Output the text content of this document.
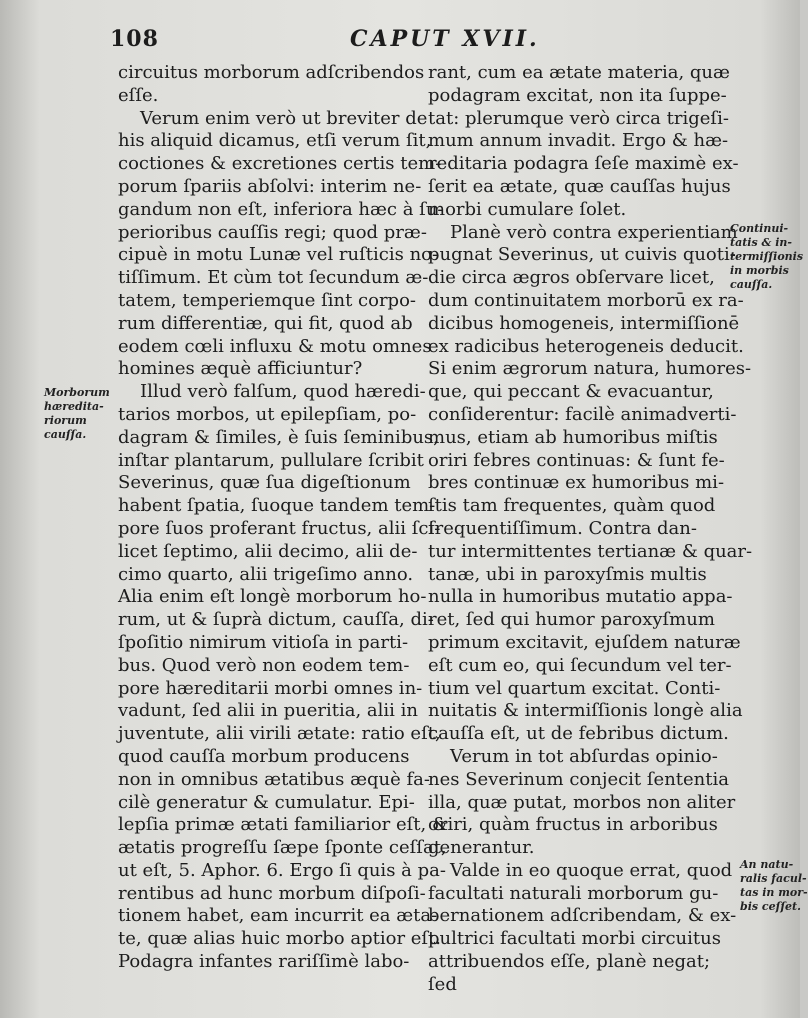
108	CAPUT XVII.
circuitus morborum adſcribendos
eſſe.
Verum enim verò ut breviter de
his aliquid dicamus, etſi verum ſit,
coctiones & excretiones certis tem-
porum ſpariis abſolvi: interim ne-
gandum non eſt, inferiora hæc à ſu-
perioribus cauſſis regi; quod præ-
cipuè in motu Lunæ vel ruſticis no-
tiſſimum. Et cùm tot ſecundum æ-
tatem, temperiemque ſint corpo-
rum differentiæ, qui fit, quod ab
eodem cœli influxu & motu omnes
homines æquè afficiuntur?
Illud verò falſum, quod hæredi-
tarios morbos, ut epilepſiam, po-
dagram & ſimiles, è ſuis ſeminibus,
inſtar plantarum, pullulare ſcribit
Severinus, quæ ſua digeſtionum
habent ſpatia, ſuoque tandem tem-
pore ſuos proferant fructus, alii ſci-
licet ſeptimo, alii decimo, alii de-
cimo quarto, alii trigeſimo anno.
Alia enim eſt longè morborum ho-
rum, ut & ſuprà dictum, cauſſa, di-
ſpoſitio nimirum vitioſa in parti-
bus. Quod verò non eodem tem-
pore hæreditarii morbi omnes in-
vadunt, ſed alii in pueritia, alii in
juventute, alii virili ætate: ratio eſt,
quod cauſſa morbum producens
non in omnibus ætatibus æquè fa-
cilè generatur & cumulatur. Epi-
lepſia primæ ætati familiarior eſt, &
ætatis progreſſu ſæpe ſponte ceſſat,
ut eſt, 5. Aphor. 6. Ergo ſi quis à pa-
rentibus ad hunc morbum diſpoſi-
tionem habet, eam incurrit ea æta-
te, quæ alias huic morbo aptior eſt.
Podagra infantes rariſſimè labo-
rant, cum ea ætate materia, quæ
podagram excitat, non ita ſuppe-
tat: plerumque verò circa trigeſi-
mum annum invadit. Ergo & hæ-
reditaria podagra ſeſe maximè ex-
ſerit ea ætate, quæ cauſſas hujus
morbi cumulare ſolet.
Planè verò contra experientiam
pugnat Severinus, ut cuivis quoti-
die circa ægros obſervare licet,
dum continuitatem morborū ex ra-
dicibus homogeneis, intermiſſionē
ex radicibus heterogeneis deducit.
Si enim ægrorum natura, humores-
que, qui peccant & evacuantur,
conſiderentur: facilè animadverti-
mus, etiam ab humoribus miſtis
oriri febres continuas: & ſunt fe-
bres continuæ ex humoribus mi-
ſtis tam frequentes, quàm quod
frequentiſſimum. Contra dan-
tur intermittentes tertianæ & quar-
tanæ, ubi in paroxyſmis multis
nulla in humoribus mutatio appa-
ret, ſed qui humor paroxyſmum
primum excitavit, ejuſdem naturæ
eſt cum eo, qui ſecundum vel ter-
tium vel quartum excitat. Conti-
nuitatis & intermiſſionis longè alia
cauſſa eſt, ut de febribus dictum.
Verum in tot abſurdas opinio-
nes Severinum conjecit ſententia
illa, quæ putat, morbos non aliter
oriri, quàm fructus in arboribus
generantur.
Valde in eo quoque errat, quod
facultati naturali morborum gu-
bernationem adſcribendam, & ex-
pultrici facultati morbi circuitus
attribuendos eſſe, planè negat;
ſed
Morborum
hæredita-
riorum
cauſſa.
Continui-
tatis & in-
termiſſionis
in morbis
cauſſa.
An natu-
ralis facul-
tas in mor-
bis ceſſet.
